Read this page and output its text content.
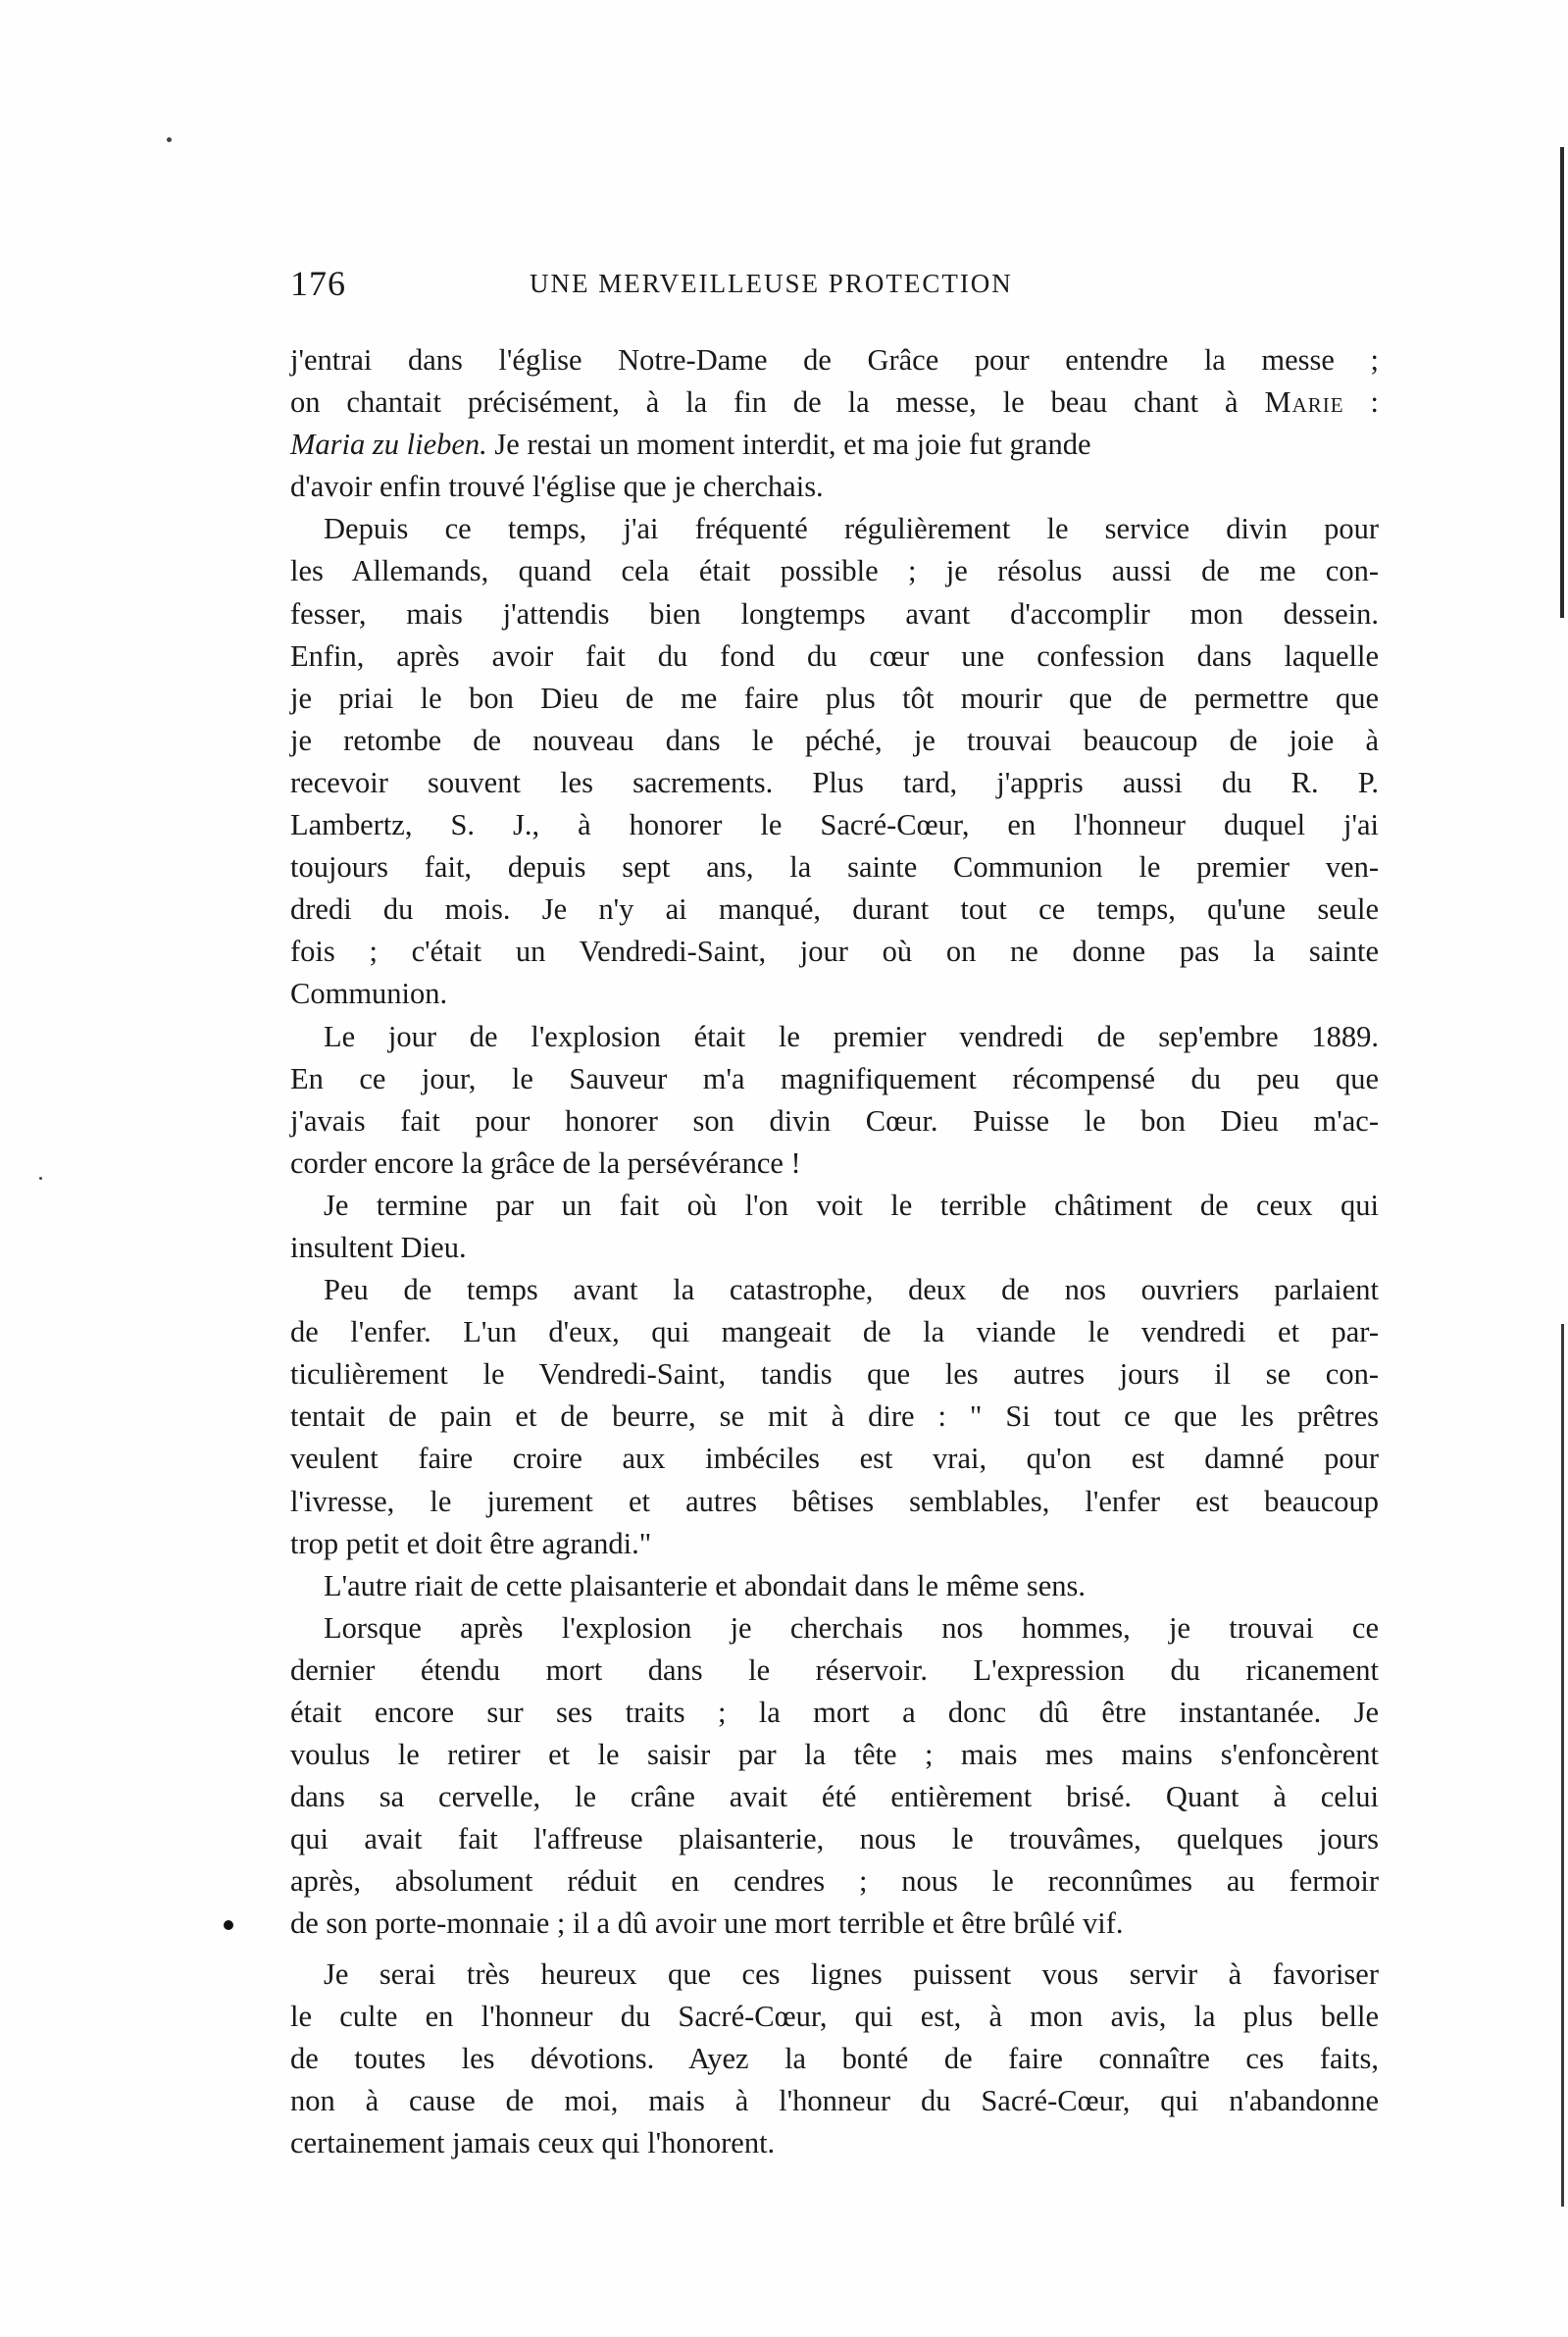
176	UNE MERVEILLEUSE PROTECTION
j'entrai dans l'église Notre-Dame de Grâce pour entendre la messe ;
on chantait précisément, à la fin de la messe, le beau chant à Marie :
Maria zu lieben. Je restai un moment interdit, et ma joie fut grande
d'avoir enfin trouvé l'église que je cherchais.
Depuis ce temps, j'ai fréquenté régulièrement le service divin pour
les Allemands, quand cela était possible ; je résolus aussi de me con-
fesser, mais j'attendis bien longtemps avant d'accomplir mon dessein.
Enfin, après avoir fait du fond du cœur une confession dans laquelle
je priai le bon Dieu de me faire plus tôt mourir que de permettre que
je retombe de nouveau dans le péché, je trouvai beaucoup de joie à
recevoir souvent les sacrements. Plus tard, j'appris aussi du R. P.
Lambertz, S. J., à honorer le Sacré-Cœur, en l'honneur duquel j'ai
toujours fait, depuis sept ans, la sainte Communion le premier ven-
dredi du mois. Je n'y ai manqué, durant tout ce temps, qu'une seule
fois ; c'était un Vendredi-Saint, jour où on ne donne pas la sainte
Communion.
Le jour de l'explosion était le premier vendredi de sep'embre 1889.
En ce jour, le Sauveur m'a magnifiquement récompensé du peu que
j'avais fait pour honorer son divin Cœur. Puisse le bon Dieu m'ac-
corder encore la grâce de la persévérance !
Je termine par un fait où l'on voit le terrible châtiment de ceux qui
insultent Dieu.
Peu de temps avant la catastrophe, deux de nos ouvriers parlaient
de l'enfer. L'un d'eux, qui mangeait de la viande le vendredi et par-
ticulièrement le Vendredi-Saint, tandis que les autres jours il se con-
tentait de pain et de beurre, se mit à dire : " Si tout ce que les prêtres
veulent faire croire aux imbéciles est vrai, qu'on est damné pour
l'ivresse, le jurement et autres bêtises semblables, l'enfer est beaucoup
trop petit et doit être agrandi."
L'autre riait de cette plaisanterie et abondait dans le même sens.
Lorsque après l'explosion je cherchais nos hommes, je trouvai ce
dernier étendu mort dans le réservoir. L'expression du ricanement
était encore sur ses traits ; la mort a donc dû être instantanée. Je
voulus le retirer et le saisir par la tête ; mais mes mains s'enfoncèrent
dans sa cervelle, le crâne avait été entièrement brisé. Quant à celui
qui avait fait l'affreuse plaisanterie, nous le trouvâmes, quelques jours
après, absolument réduit en cendres ; nous le reconnûmes au fermoir
de son porte-monnaie ; il a dû avoir une mort terrible et être brûlé vif.
Je serai très heureux que ces lignes puissent vous servir à favoriser
le culte en l'honneur du Sacré-Cœur, qui est, à mon avis, la plus belle
de toutes les dévotions. Ayez la bonté de faire connaître ces faits,
non à cause de moi, mais à l'honneur du Sacré-Cœur, qui n'abandonne
certainement jamais ceux qui l'honorent.
